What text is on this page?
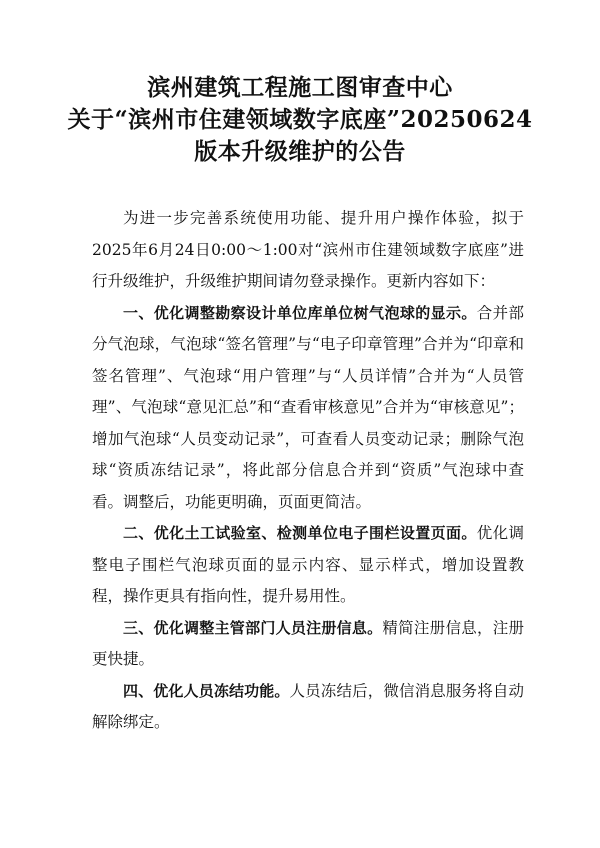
滨州建筑工程施工图审查中心
关于“滨州市住建领域数字底座”20250624
版本升级维护的公告

为进一步完善系统使用功能、提升用户操作体验，拟于2025年6月24日0:00～1:00对“滨州市住建领域数字底座”进行升级维护，升级维护期间请勿登录操作。更新内容如下：

一、优化调整勘察设计单位库单位树气泡球的显示。合并部分气泡球，气泡球“签名管理”与“电子印章管理”合并为“印章和签名管理”、气泡球“用户管理”与“人员详情”合并为“人员管理”、气泡球“意见汇总”和“查看审核意见”合并为“审核意见”；增加气泡球“人员变动记录”，可查看人员变动记录；删除气泡球“资质冻结记录”，将此部分信息合并到“资质”气泡球中查看。调整后，功能更明确，页面更简洁。

二、优化土工试验室、检测单位电子围栏设置页面。优化调整电子围栏气泡球页面的显示内容、显示样式，增加设置教程，操作更具有指向性，提升易用性。

三、优化调整主管部门人员注册信息。精简注册信息，注册更快捷。

四、优化人员冻结功能。人员冻结后，微信消息服务将自动解除绑定。
